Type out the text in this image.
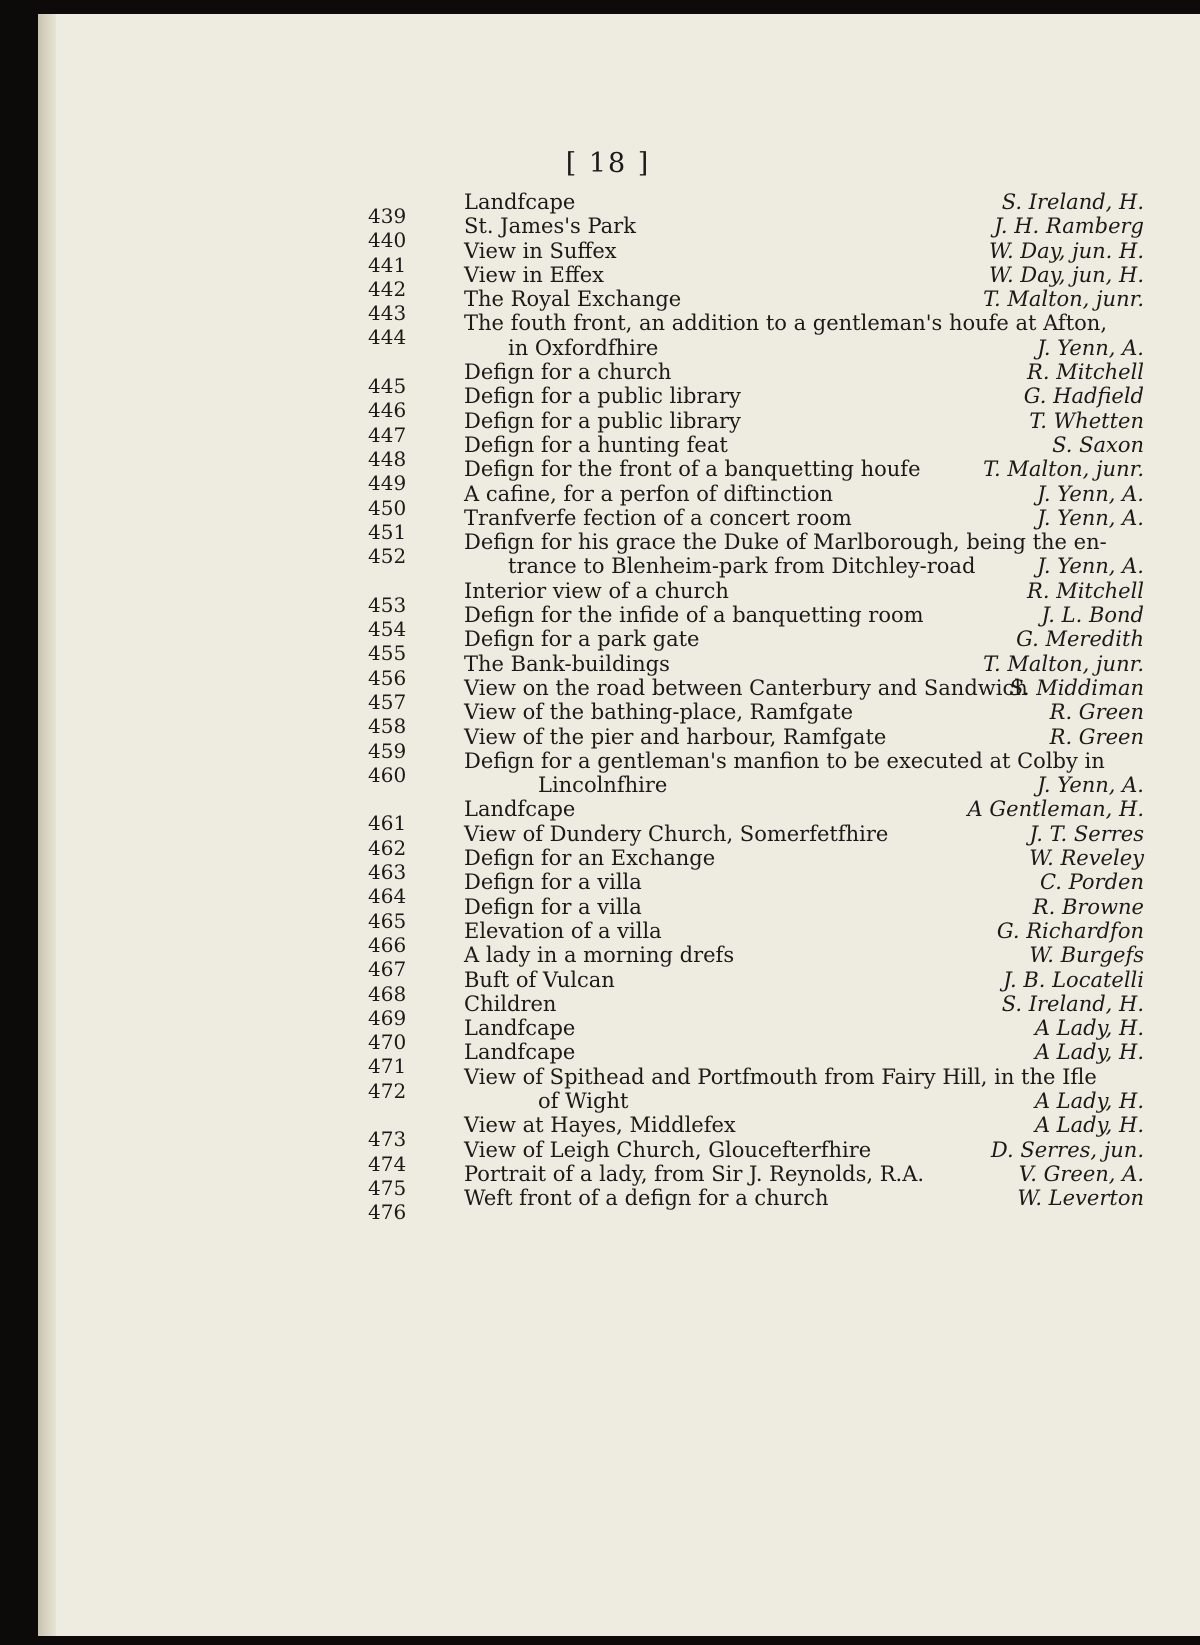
[ 18 ]
439
Landfcape	S. Ireland, H.
440
St. James's Park	J. H. Ramberg
441
View in Suffex	W. Day, jun. H.
442
View in Effex	W. Day, jun, H.
443
The Royal Exchange	T. Malton, junr.
444
The fouth front, an addition to a gentleman's houfe at Afton,
in Oxfordfhire	J. Yenn, A.
445
Defign for a church	R. Mitchell
446
Defign for a public library	G. Hadfield
447
Defign for a public library	T. Whetten
448
Defign for a hunting feat	S. Saxon
449
Defign for the front of a banquetting houfe	T. Malton, junr.
450
A cafine, for a perfon of diftinction	J. Yenn, A.
451
Tranfverfe fection of a concert room	J. Yenn, A.
452
Defign for his grace the Duke of Marlborough, being the en-
trance to Blenheim-park from Ditchley-road	J. Yenn, A.
453
Interior view of a church	R. Mitchell
454
Defign for the infide of a banquetting room	J. L. Bond
455
Defign for a park gate	G. Meredith
456
The Bank-buildings	T. Malton, junr.
457
View on the road between Canterbury and Sandwich
S. Middiman
458
View of the bathing-place, Ramfgate	R. Green
459
View of the pier and harbour, Ramfgate	R. Green
460
Defign for a gentleman's manfion to be executed at Colby in
Lincolnfhire	J. Yenn, A.
461
Landfcape	A Gentleman, H.
462
View of Dundery Church, Somerfetfhire	J. T. Serres
463
Defign for an Exchange	W. Reveley
464
Defign for a villa	C. Porden
465
Defign for a villa	R. Browne
466
Elevation of a villa	G. Richardfon
467
A lady in a morning drefs	W. Burgefs
468
Buft of Vulcan	J. B. Locatelli
469
Children	S. Ireland, H.
470
Landfcape	A Lady, H.
471
Landfcape	A Lady, H.
472
View of Spithead and Portfmouth from Fairy Hill, in the Ifle
of Wight	A Lady, H.
473
View at Hayes, Middlefex	A Lady, H.
474
View of Leigh Church, Gloucefterfhire	D. Serres, jun.
475
Portrait of a lady, from Sir J. Reynolds, R.A.	V. Green, A.
476
Weft front of a defign for a church	W. Leverton
